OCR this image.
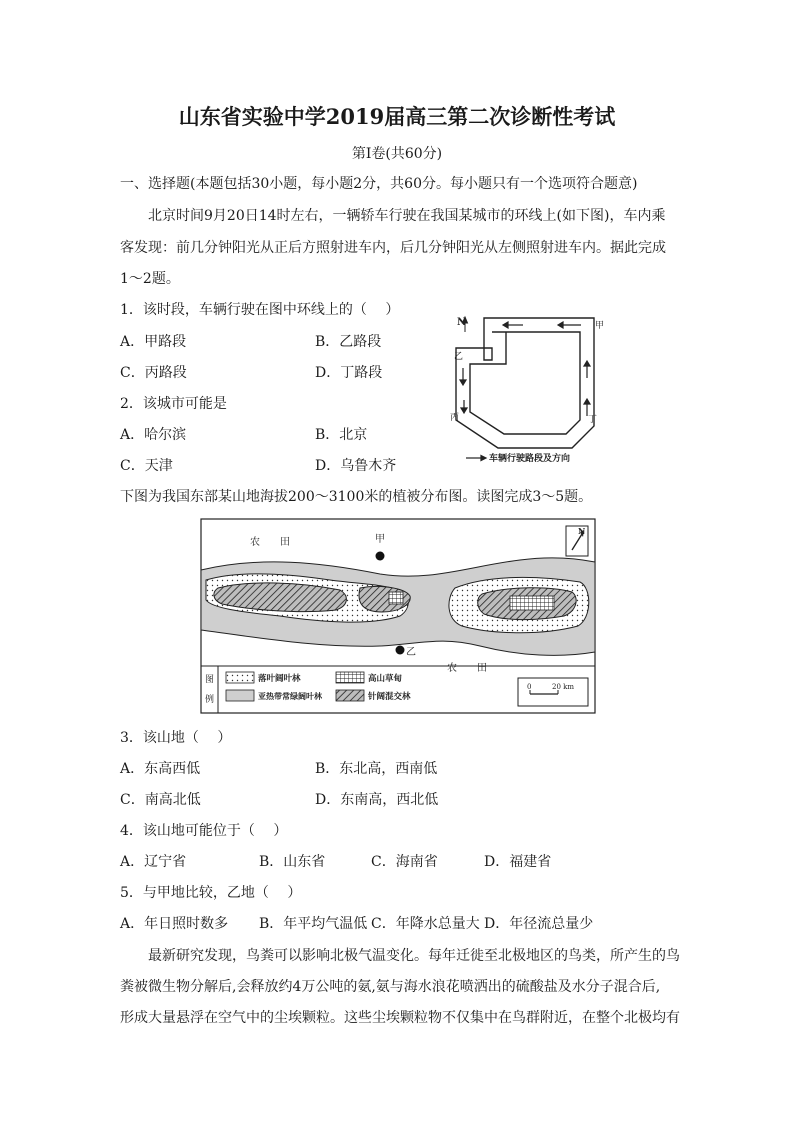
山东省实验中学2019届高三第二次诊断性考试
第Ⅰ卷(共60分)
一、选择题(本题包括30小题，每小题2分，共60分。每小题只有一个选项符合题意)
北京时间9月20日14时左右，一辆轿车行驶在我国某城市的环线上(如下图)，车内乘
客发现：前几分钟阳光从正后方照射进车内，后几分钟阳光从左侧照射进车内。据此完成
1～2题。
1．该时段，车辆行驶在图中环线上的（　 ）
A．甲路段	B．乙路段
C．丙路段	D．丁路段
2．该城市可能是
A．哈尔滨	B．北京
C．天津	D．乌鲁木齐
N	甲
乙
丙	丁
车辆行驶路段及方向
下图为我国东部某山地海拔200～3100米的植被分布图。读图完成3～5题。
农　　田	甲
乙
农　　田
N
图
例
落叶阔叶林	高山草甸
亚热带常绿阔叶林	针阔混交林
0	20 km
3．该山地（　 ）
A．东高西低	B．东北高，西南低
C．南高北低	D．东南高，西北低
4．该山地可能位于（　 ）
A．辽宁省	B．山东省	C．海南省	D．福建省
5．与甲地比较，乙地（　 ）
A．年日照时数多 B．年平均气温低 C．年降水总量大 D．年径流总量少
最新研究发现，鸟粪可以影响北极气温变化。每年迁徙至北极地区的鸟类，所产生的鸟
粪被微生物分解后,会释放约4万公吨的氨,氨与海水浪花喷洒出的硫酸盐及水分子混合后,
形成大量悬浮在空气中的尘埃颗粒。这些尘埃颗粒物不仅集中在鸟群附近，在整个北极均有
